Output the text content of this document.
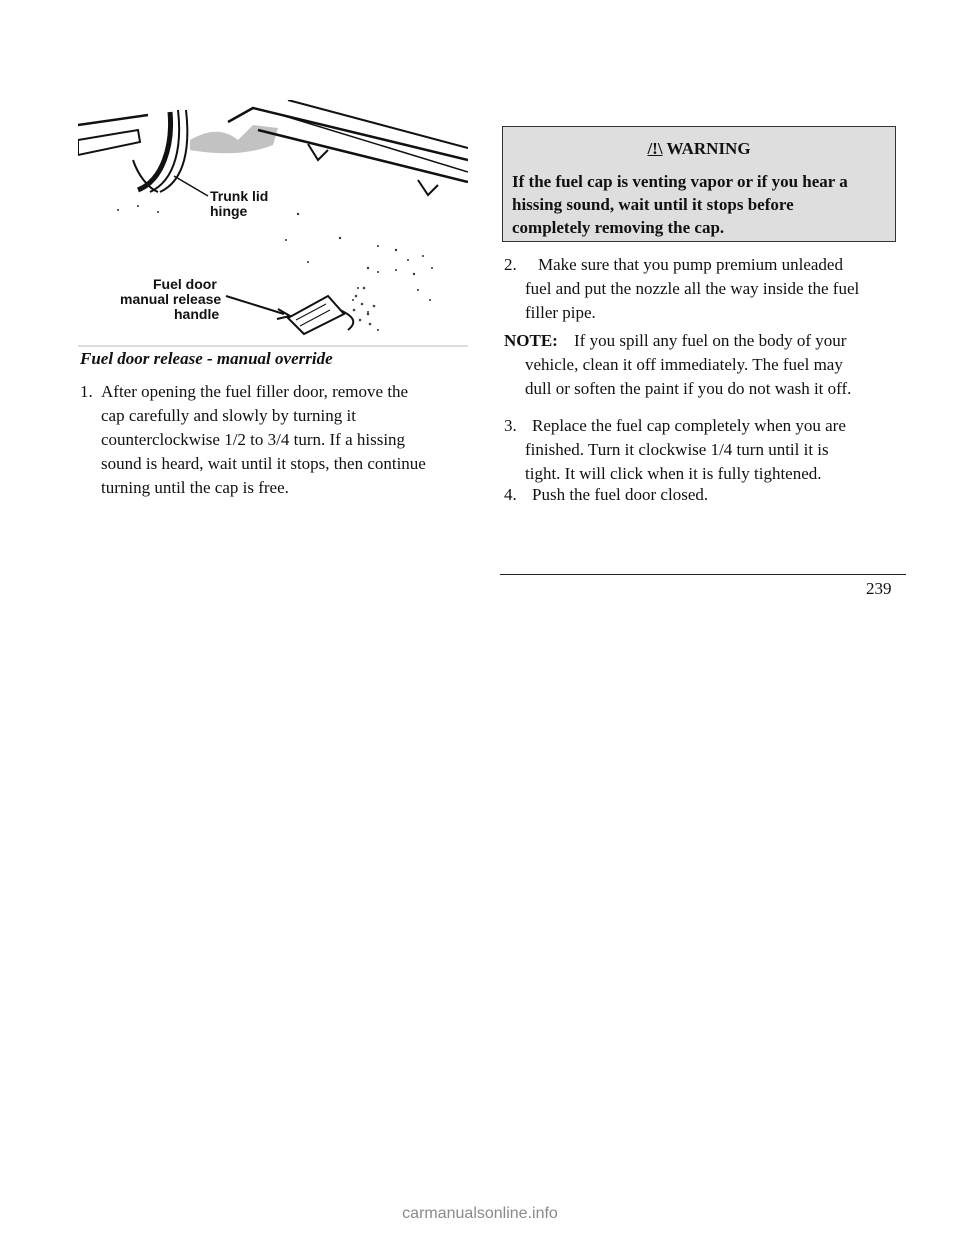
Trunk lid
hinge
Fuel door
manual release
handle
Fuel door release - manual override
1. After opening the fuel filler door, remove the
cap carefully and slowly by turning it
counterclockwise 1/2 to 3/4 turn. If a hissing
sound is heard, wait until it stops, then continue
turning until the cap is free.
/!\ WARNING
If the fuel cap is venting vapor or if you hear a
hissing sound, wait until it stops before
completely removing the cap.
2. Make sure that you pump premium unleaded
fuel and put the nozzle all the way inside the fuel
filler pipe.
NOTE: If you spill any fuel on the body of your
vehicle, clean it off immediately. The fuel may
dull or soften the paint if you do not wash it off.
3. Replace the fuel cap completely when you are
finished. Turn it clockwise 1/4 turn until it is
tight. It will click when it is fully tightened.
4. Push the fuel door closed.
239
carmanualsonline.info
